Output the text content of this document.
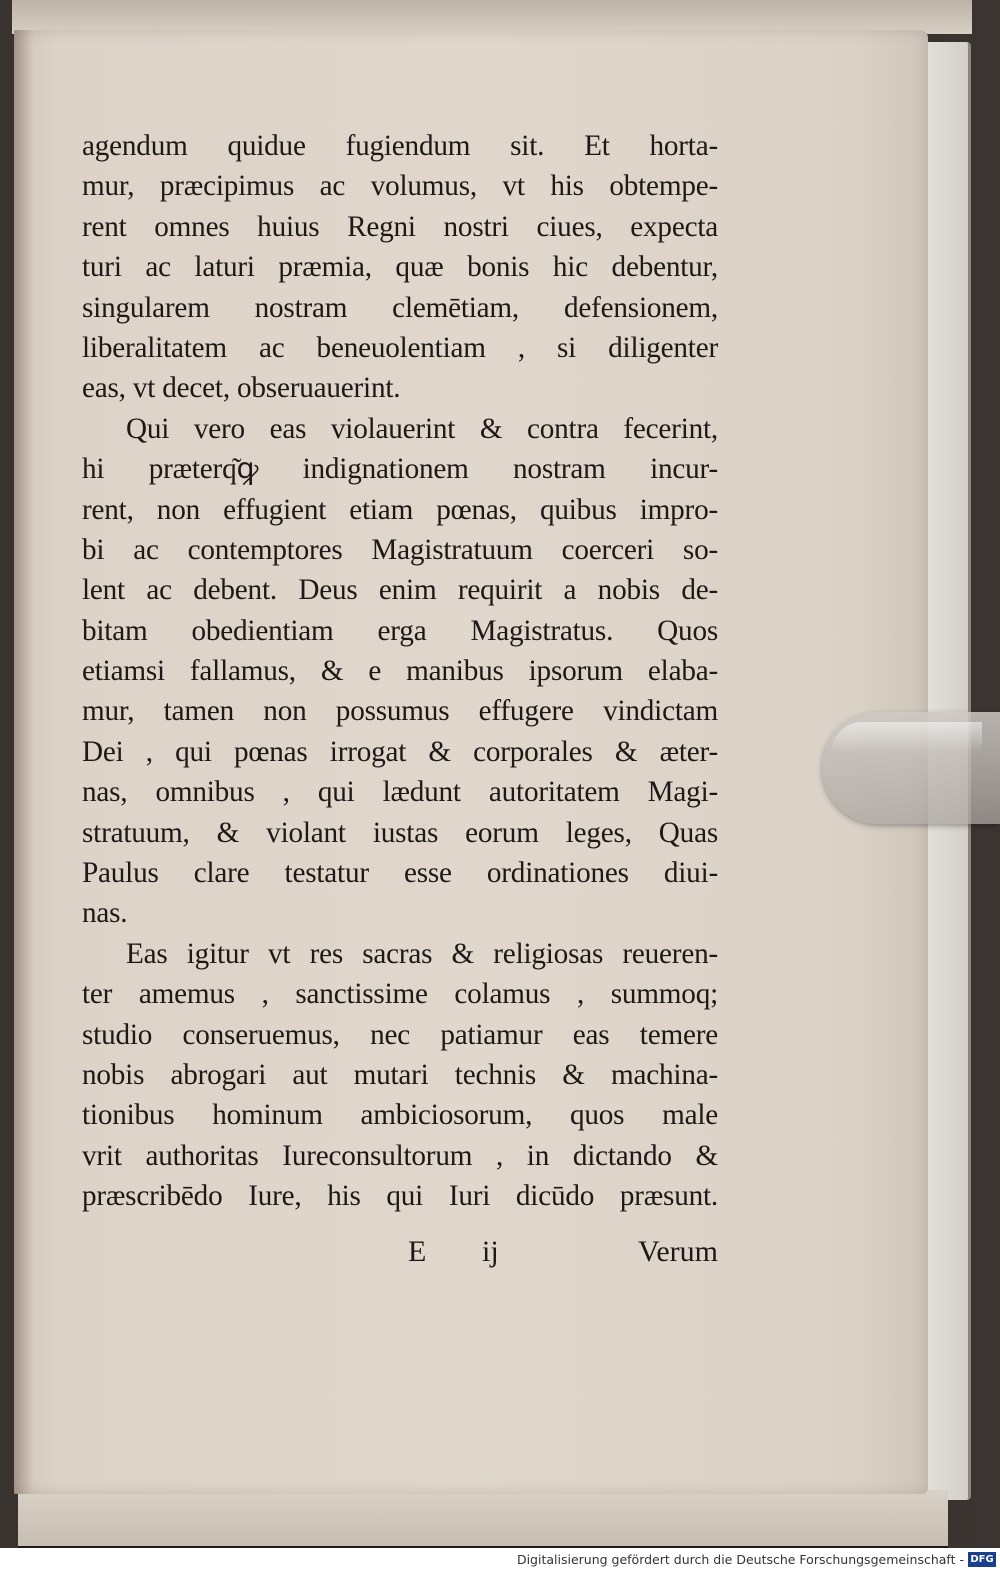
agendum quidue fugiendum sit. Et horta-
mur, præcipimus ac volumus, vt his obtempe-
rent omnes huius Regni nostri ciues, expecta
turi ac laturi præmia, quæ bonis hic debentur,
singularem nostram clemētiam, defensionem,
liberalitatem ac beneuolentiam , si diligenter
eas, vt decet, obseruauerint.
Qui vero eas violauerint & contra fecerint,
hi præterq͂ꝙ indignationem nostram incur-
rent, non effugient etiam pœnas, quibus impro-
bi ac contemptores Magistratuum coerceri so-
lent ac debent. Deus enim requirit a nobis de-
bitam obedientiam erga Magistratus. Quos
etiamsi fallamus, & e manibus ipsorum elaba-
mur, tamen non possumus effugere vindictam
Dei , qui pœnas irrogat & corporales & æter-
nas, omnibus , qui lædunt autoritatem Magi-
stratuum, & violant iustas eorum leges, Quas
Paulus clare testatur esse ordinationes diui-
nas.
Eas igitur vt res sacras & religiosas reueren-
ter amemus , sanctissime colamus , summoq;
studio conseruemus, nec patiamur eas temere
nobis abrogari aut mutari technis & machina-
tionibus hominum ambiciosorum, quos male
vrit authoritas Iureconsultorum , in dictando &
præscribēdo Iure, his qui Iuri dicūdo præsunt.
E ij	Verum
Digitalisierung gefördert durch die Deutsche Forschungsgemeinschaft - DFG
